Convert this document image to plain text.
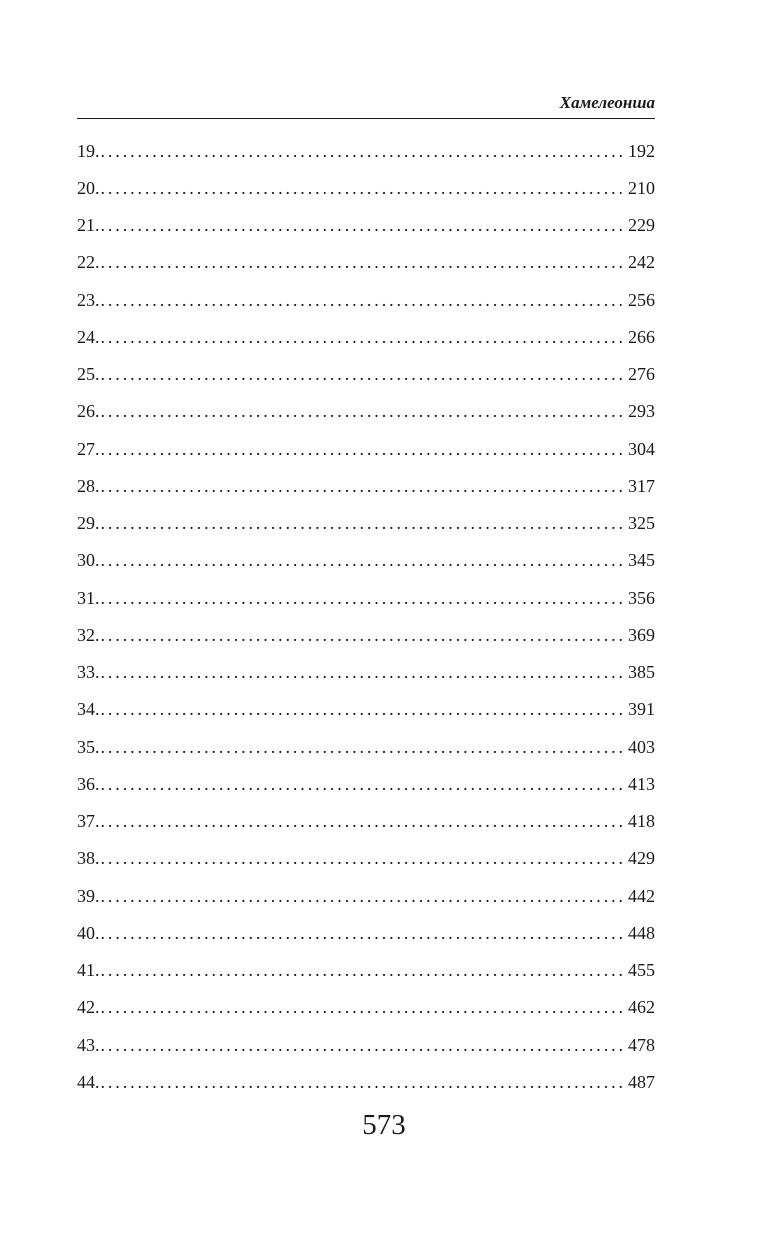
Хамелеонша
19. . . .	192
20. . . .	210
21. . . .	229
22. . . .	242
23. . . .	256
24. . . .	266
25. . . .	276
26. . . .	293
27. . . .	304
28. . . .	317
29. . . .	325
30. . . .	345
31. . . .	356
32. . . .	369
33. . . .	385
34. . . .	391
35. . . .	403
36. . . .	413
37. . . .	418
38. . . .	429
39. . . .	442
40. . . .	448
41. . . .	455
42. . . .	462
43. . . .	478
44. . . .	487
573
